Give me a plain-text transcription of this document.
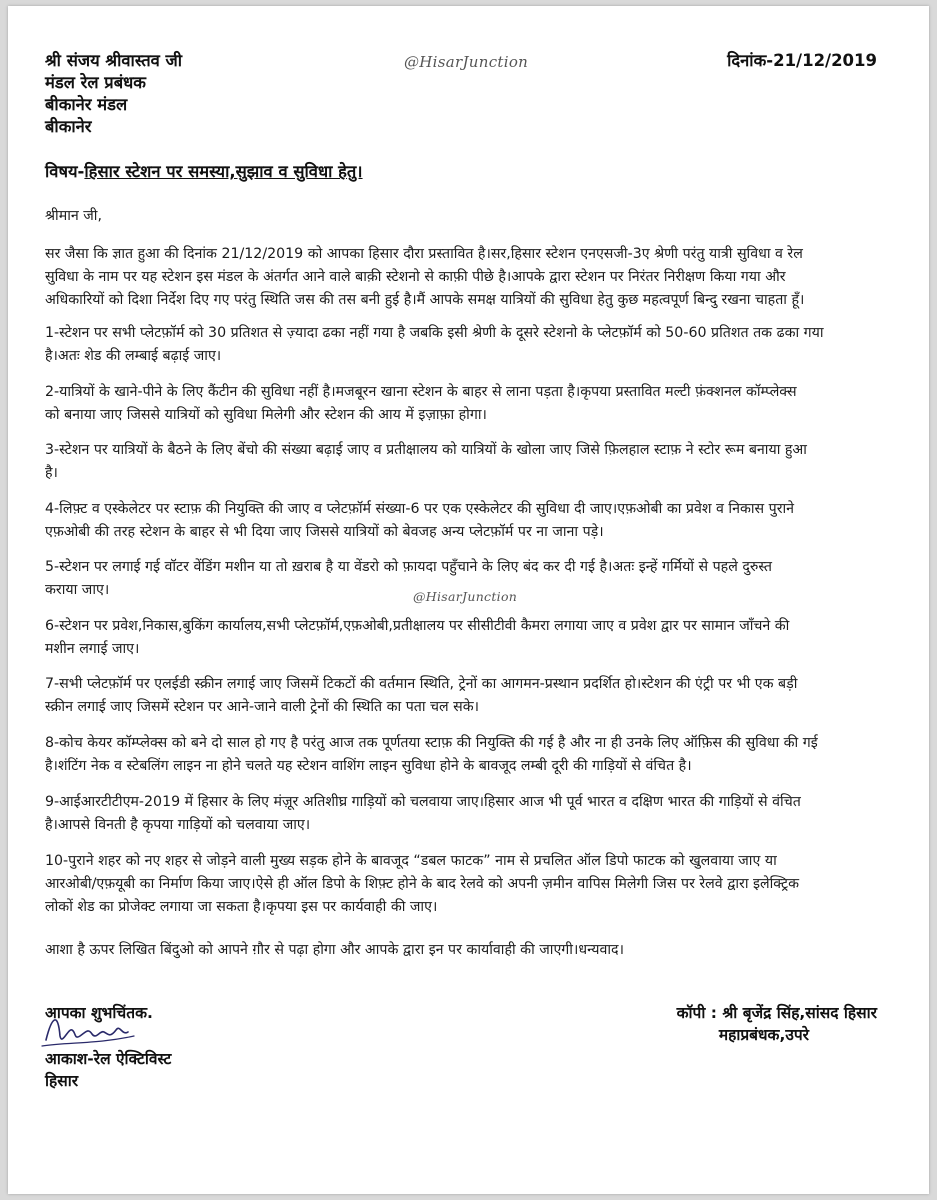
श्री संजय श्रीवास्तव जी
मंडल रेल प्रबंधक
बीकानेर मंडल
बीकानेर
@HisarJunction	दिनांक-21/12/2019
विषय-हिसार स्टेशन पर समस्या,सुझाव व सुविधा हेतु।
श्रीमान जी,
सर जैसा कि ज्ञात हुआ की दिनांक 21/12/2019 को आपका हिसार दौरा प्रस्तावित है।सर,हिसार स्टेशन एनएसजी-3ए श्रेणी परंतु यात्री सुविधा व रेल
सुविधा के नाम पर यह स्टेशन इस मंडल के अंतर्गत आने वाले बाक़ी स्टेशनो से काफ़ी पीछे है।आपके द्वारा स्टेशन पर निरंतर निरीक्षण किया गया और
अधिकारियों को दिशा निर्देश दिए गए परंतु स्थिति जस की तस बनी हुई है।मैं आपके समक्ष यात्रियों की सुविधा हेतु कुछ महत्वपूर्ण बिन्दु रखना चाहता हूँ।
1-स्टेशन पर सभी प्लेटफ़ॉर्म को 30 प्रतिशत से ज़्यादा ढका नहीं गया है जबकि इसी श्रेणी के दूसरे स्टेशनो के प्लेटफ़ॉर्म को 50-60 प्रतिशत तक ढका गया
है।अतः शेड की लम्बाई बढ़ाई जाए।
2-यात्रियों के खाने-पीने के लिए कैंटीन की सुविधा नहीं है।मजबूरन खाना स्टेशन के बाहर से लाना पड़ता है।कृपया प्रस्तावित मल्टी फ़ंक्शनल कॉम्प्लेक्स
को बनाया जाए जिससे यात्रियों को सुविधा मिलेगी और स्टेशन की आय में इज़ाफ़ा होगा।
3-स्टेशन पर यात्रियों के बैठने के लिए बेंचो की संख्या बढ़ाई जाए व प्रतीक्षालय को यात्रियों के खोला जाए जिसे फ़िलहाल स्टाफ़ ने स्टोर रूम बनाया हुआ
है।
4-लिफ़्ट व एस्केलेटर पर स्टाफ़ की नियुक्ति की जाए व प्लेटफ़ॉर्म संख्या-6 पर एक एस्केलेटर की सुविधा दी जाए।एफ़ओबी का प्रवेश व निकास पुराने
एफ़ओबी की तरह स्टेशन के बाहर से भी दिया जाए जिससे यात्रियों को बेवजह अन्य प्लेटफ़ॉर्म पर ना जाना पड़े।
5-स्टेशन पर लगाई गई वॉटर वेंडिंग मशीन या तो ख़राब है या वेंडरो को फ़ायदा पहुँचाने के लिए बंद कर दी गई है।अतः इन्हें गर्मियों से पहले दुरुस्त
कराया जाए।	@HisarJunction
6-स्टेशन पर प्रवेश,निकास,बुकिंग कार्यालय,सभी प्लेटफ़ॉर्म,एफ़ओबी,प्रतीक्षालय पर सीसीटीवी कैमरा लगाया जाए व प्रवेश द्वार पर सामान जाँचने की
मशीन लगाई जाए।
7-सभी प्लेटफ़ॉर्म पर एलईडी स्क्रीन लगाई जाए जिसमें टिकटों की वर्तमान स्थिति, ट्रेनों का आगमन-प्रस्थान प्रदर्शित हो।स्टेशन की एंट्री पर भी एक बड़ी
स्क्रीन लगाई जाए जिसमें स्टेशन पर आने-जाने वाली ट्रेनों की स्थिति का पता चल सके।
8-कोच केयर कॉम्प्लेक्स को बने दो साल हो गए है परंतु आज तक पूर्णतया स्टाफ़ की नियुक्ति की गई है और ना ही उनके लिए ऑफ़िस की सुविधा की गई
है।शंटिंग नेक व स्टेबलिंग लाइन ना होने चलते यह स्टेशन वाशिंग लाइन सुविधा होने के बावजूद लम्बी दूरी की गाड़ियों से वंचित है।
9-आईआरटीटीएम-2019 में हिसार के लिए मंज़ूर अतिशीघ्र गाड़ियों को चलवाया जाए।हिसार आज भी पूर्व भारत व दक्षिण भारत की गाड़ियों से वंचित
है।आपसे विनती है कृपया गाड़ियों को चलवाया जाए।
10-पुराने शहर को नए शहर से जोड़ने वाली मुख्य सड़क होने के बावजूद “डबल फाटक” नाम से प्रचलित ऑल डिपो फाटक को खुलवाया जाए या
आरओबी/एफ़यूबी का निर्माण किया जाए।ऐसे ही ऑल डिपो के शिफ़्ट होने के बाद रेलवे को अपनी ज़मीन वापिस मिलेगी जिस पर रेलवे द्वारा इलेक्ट्रिक
लोकों शेड का प्रोजेक्ट लगाया जा सकता है।कृपया इस पर कार्यवाही की जाए।
आशा है ऊपर लिखित बिंदुओ को आपने ग़ौर से पढ़ा होगा और आपके द्वारा इन पर कार्यावाही की जाएगी।धन्यवाद।
आपका शुभचिंतक.
आकाश-रेल ऐक्टिविस्ट
हिसार
कॉपी : श्री बृजेंद्र सिंह,सांसद हिसार
महाप्रबंधक,उपरे
